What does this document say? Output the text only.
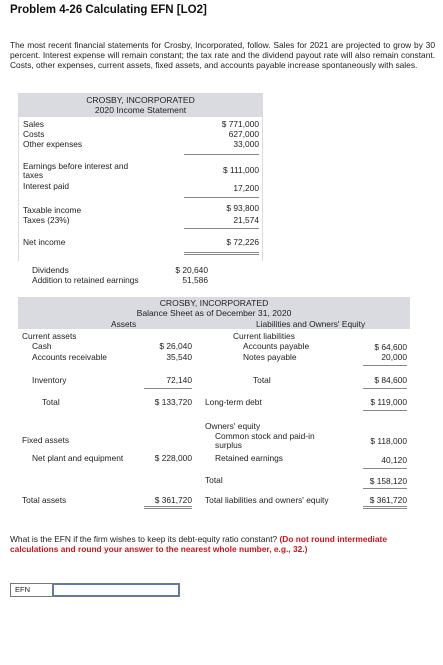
Problem 4-26 Calculating EFN [LO2]
The most recent financial statements for Crosby, Incorporated, follow. Sales for 2021 are projected to grow by 30 percent. Interest expense will remain constant; the tax rate and the dividend payout rate will also remain constant. Costs, other expenses, current assets, fixed assets, and accounts payable increase spontaneously with sales.
CROSBY, INCORPORATED
2020 Income Statement
Sales	$ 771,000
Costs	627,000
Other expenses	33,000
Earnings before interest and
taxes	$ 111,000
Interest paid	17,200
Taxable income	$ 93,800
Taxes (23%)	21,574
Net income	$ 72,226
Dividends	$ 20,640
Addition to retained earnings	51,586
CROSBY, INCORPORATED
Balance Sheet as of December 31, 2020
Assets	Liabilities and Owners' Equity
Current assets
Cash	$ 26,040
Accounts receivable	35,540
Inventory	72,140
Total	$ 133,720
Fixed assets
Net plant and equipment	$ 228,000
Total assets	$ 361,720
Current liabilities
Accounts payable	$ 64,600
Notes payable	20,000
Total	$ 84,600
Long-term debt	$ 119,000
Owners' equity
Common stock and paid-in
surplus	$ 118,000
Retained earnings	40,120
Total	$ 158,120
Total liabilities and owners' equity	$ 361,720
What is the EFN if the firm wishes to keep its debt-equity ratio constant? (Do not round intermediate calculations and round your answer to the nearest whole number, e.g., 32.)
EFN
